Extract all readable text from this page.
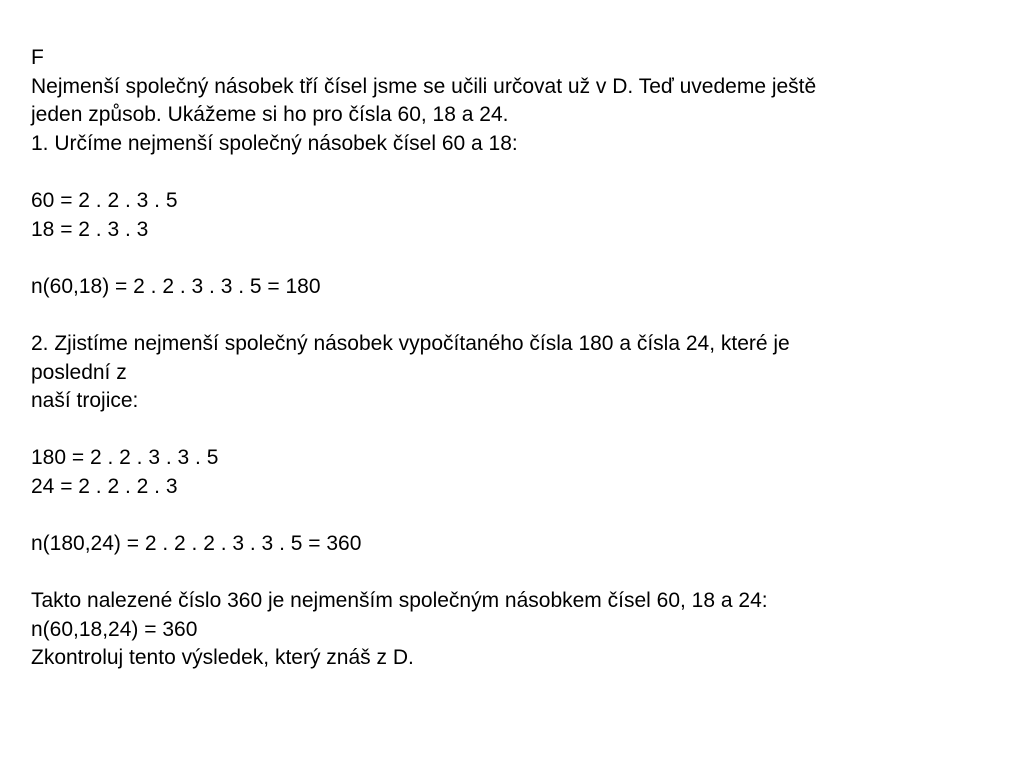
F
Nejmenší společný násobek tří čísel jsme se učili určovat už v D. Teď uvedeme ještě
jeden způsob. Ukážeme si ho pro čísla 60, 18 a 24.
1. Určíme nejmenší společný násobek čísel 60 a 18:
60 = 2 . 2 . 3 . 5
18 = 2 . 3 . 3
n(60,18) = 2 . 2 . 3 . 3 . 5 = 180
2. Zjistíme nejmenší společný násobek vypočítaného čísla 180 a čísla 24, které je
poslední z
naší trojice:
180 = 2 . 2 . 3 . 3 . 5
24 = 2 . 2 . 2 . 3
n(180,24) = 2 . 2 . 2 . 3 . 3 . 5 = 360
Takto nalezené číslo 360 je nejmenším společným násobkem čísel 60, 18 a 24:
n(60,18,24) = 360
Zkontroluj tento výsledek, který znáš z D.
